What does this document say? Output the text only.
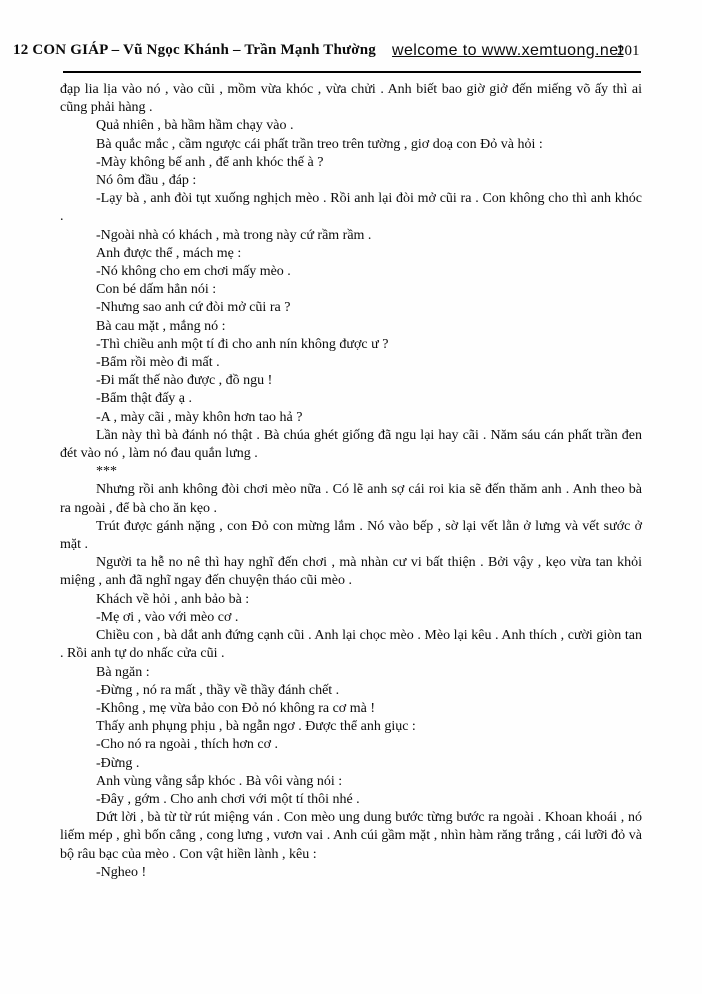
12 CON GIÁP – Vũ Ngọc Khánh – Trần Mạnh Thường welcome to www.xemtuong.net
201

đạp lia lịa vào nó , vào cũi , mồm vừa khóc , vừa chửi . Anh biết bao giờ giở đến miếng võ ấy thì ai cũng phải hàng .

Quả nhiên , bà hầm hầm chạy vào .

Bà quắc mắc , cầm ngược cái phất trần treo trên tường , giơ doạ con Đỏ và hỏi :

-Mày không bế anh , để anh khóc thế à ?

Nó ôm đầu , đáp :

-Lạy bà , anh đòi tụt xuống nghịch mèo . Rồi anh lại đòi mở cũi ra . Con không cho thì anh khóc .

-Ngoài nhà có khách , mà trong này cứ rầm rầm .

Anh được thể , mách mẹ :

-Nó không cho em chơi mấy mèo .

Con bé dấm hẳn nói :

-Nhưng sao anh cứ đòi mở cũi ra ?

Bà cau mặt , mắng nó :

-Thì chiều anh một tí đi cho anh nín không được ư ?

-Bẩm rồi mèo đi mất .

-Đi mất thế nào được , đồ ngu !

-Bẩm thật đấy ạ .

-A , mày cãi , mày khôn hơn tao hả ?

Lần này thì bà đánh nó thật . Bà chúa ghét giống đã ngu lại hay cãi . Năm sáu cán phất trần đen đét vào nó , làm nó đau quắn lưng .

***

Nhưng rồi anh không đòi chơi mèo nữa . Có lẽ anh sợ cái roi kia sẽ đến thăm anh . Anh theo bà ra ngoài , để bà cho ăn kẹo .

Trút được gánh nặng , con Đỏ con mừng lắm . Nó vào bếp , sờ lại vết lằn ở lưng và vết sước ở mặt .

Người ta hễ no nê thì hay nghĩ đến chơi , mà nhàn cư vi bất thiện . Bởi vậy , kẹo vừa tan khỏi miệng , anh đã nghĩ ngay đến chuyện tháo cũi mèo .

Khách về hỏi , anh bảo bà :

-Mẹ ơi , vào với mèo cơ .

Chiều con , bà dắt anh đứng cạnh cũi . Anh lại chọc mèo . Mèo lại kêu . Anh thích , cười giòn tan . Rồi anh tự do nhấc cửa cũi .

Bà ngăn :

-Đừng , nó ra mất , thầy về thầy đánh chết .

-Không , mẹ vừa bảo con Đỏ nó không ra cơ mà !

Thấy anh phụng phịu , bà ngẫn ngơ . Được thể anh giục :

-Cho nó ra ngoài , thích hơn cơ .

-Đừng .

Anh vùng vằng sắp khóc . Bà vôi vàng nói :

-Đây , gớm . Cho anh chơi với một tí thôi nhé .

Dứt lời , bà từ từ rút miệng ván . Con mèo ung dung bước từng bước ra ngoài . Khoan khoái , nó liếm mép , ghì bốn cẳng , cong lưng , vươn vai . Anh cúi gầm mặt , nhìn hàm răng trắng , cái lưỡi đỏ và bộ râu bạc của mèo . Con vật hiền lành , kêu :

-Ngheo !
